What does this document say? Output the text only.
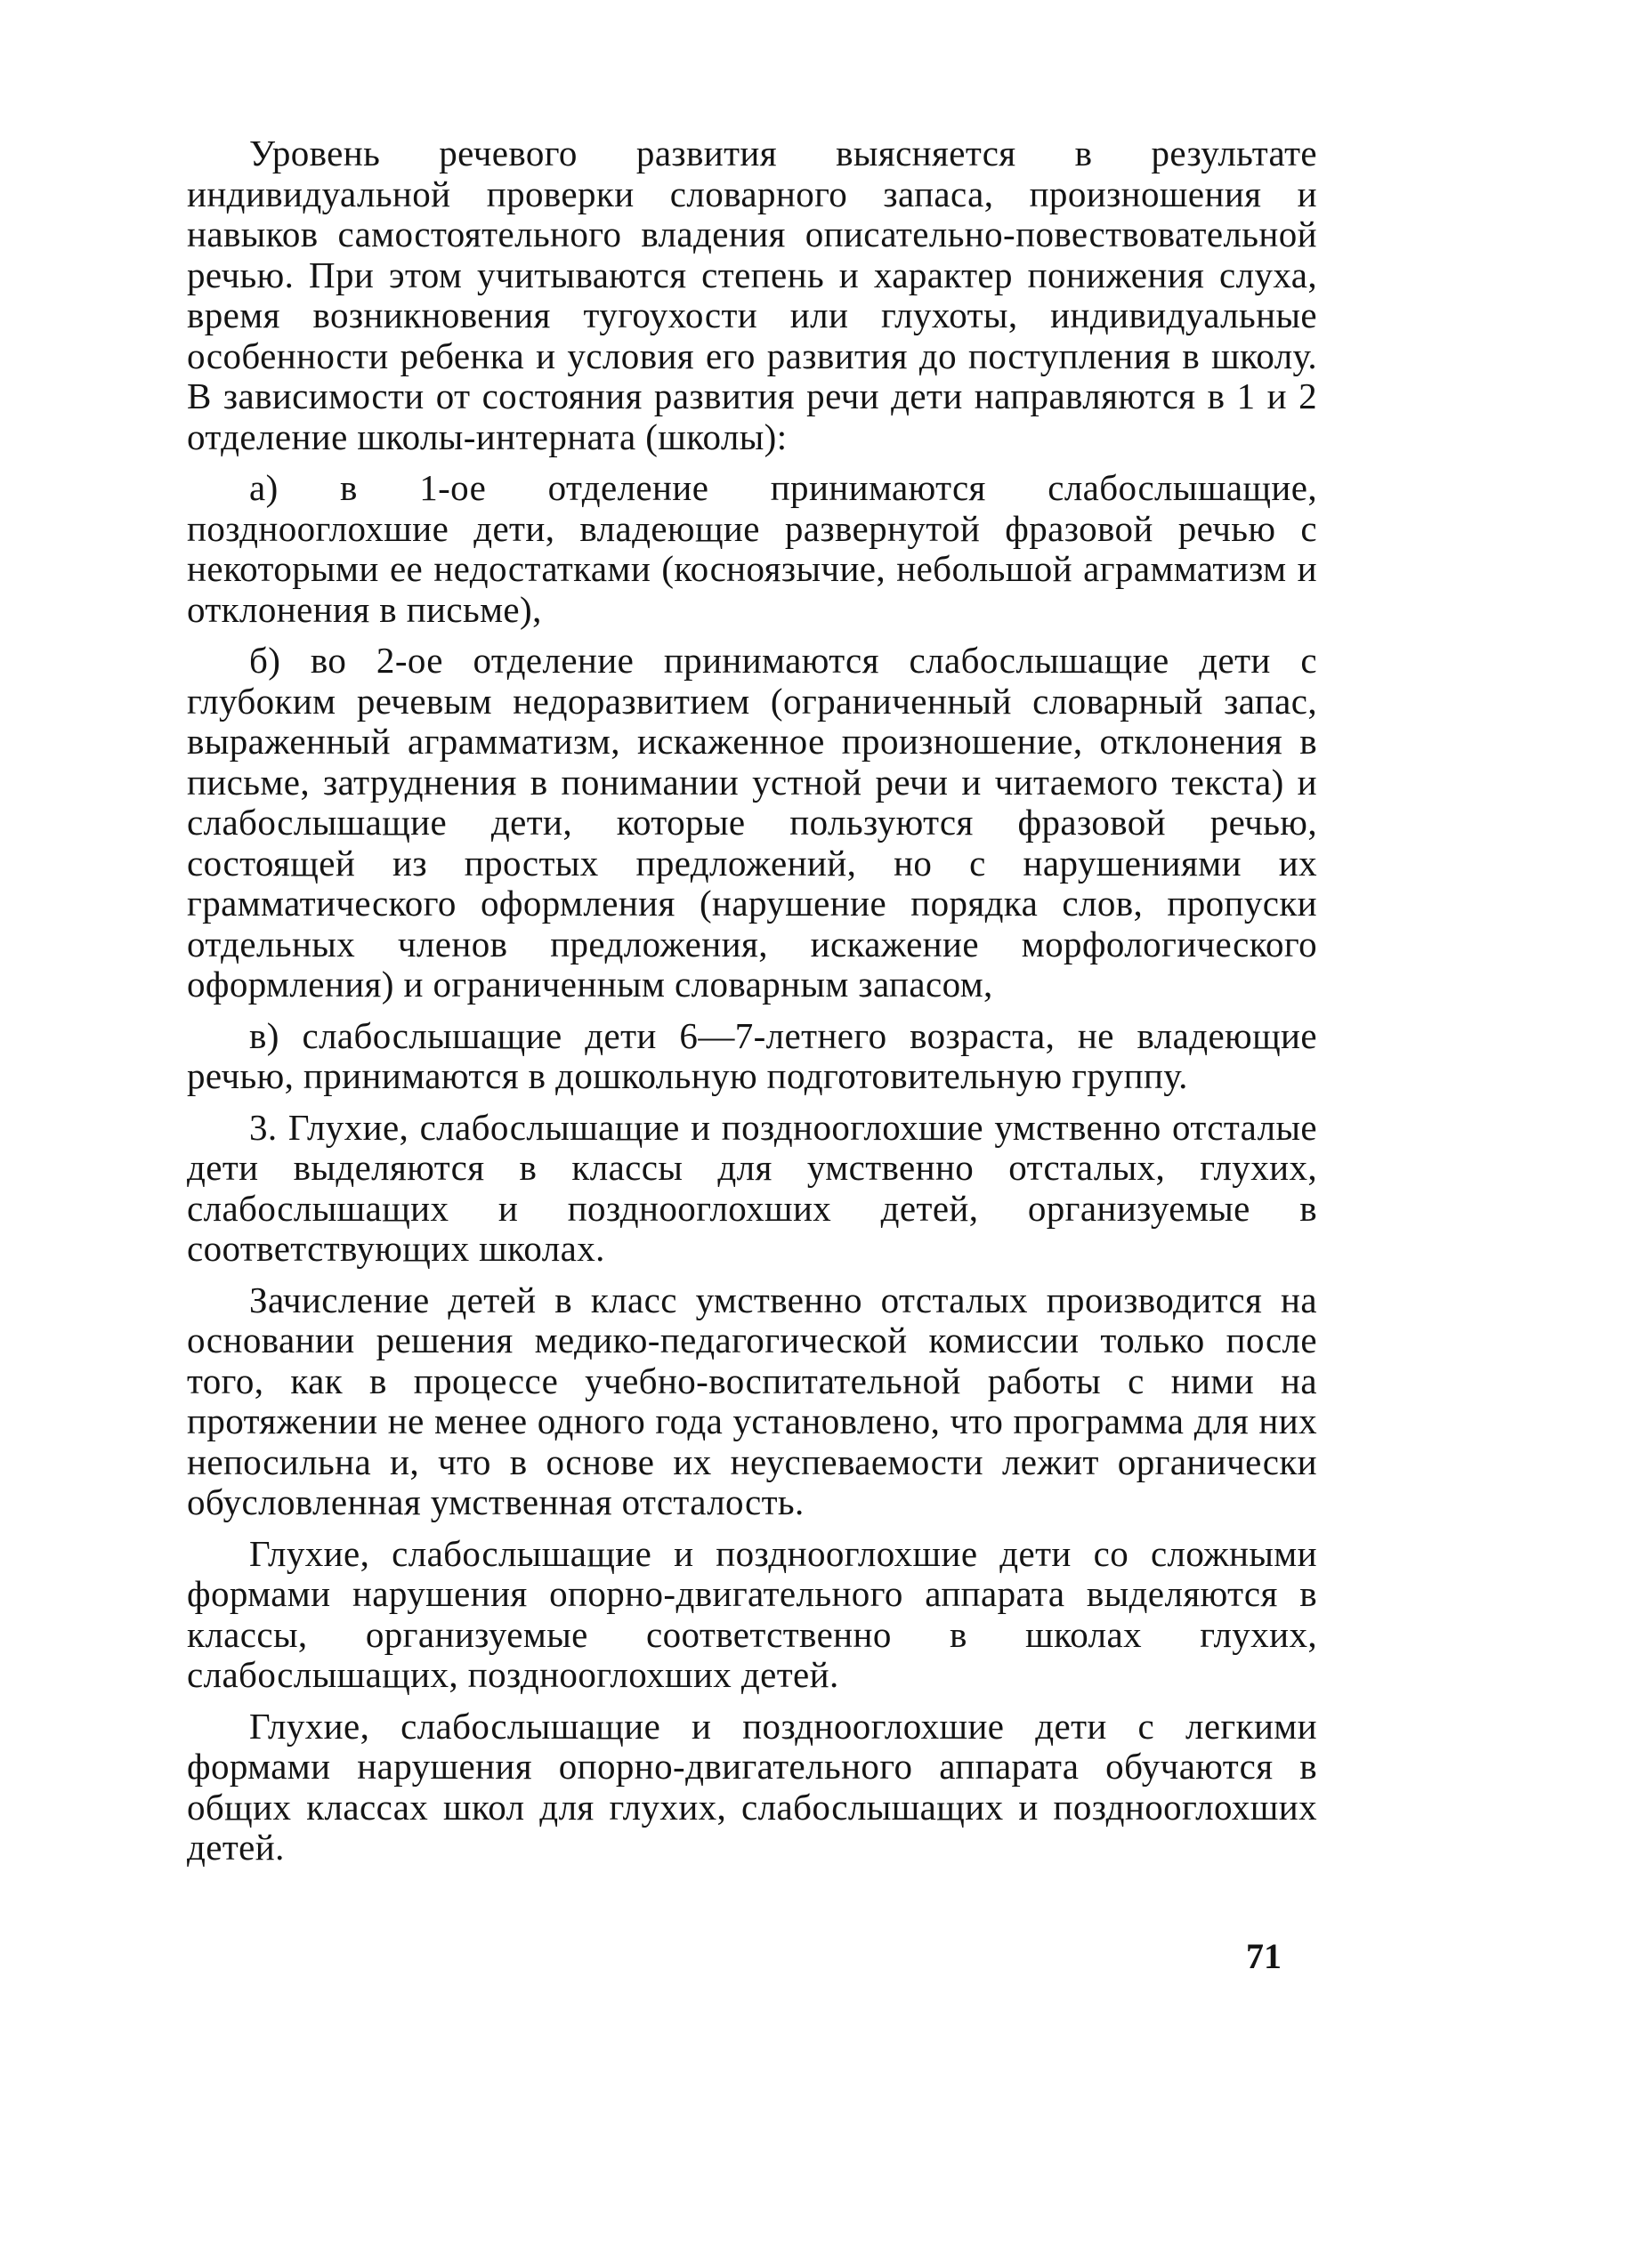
Уровень речевого развития выясняется в результате индивидуальной проверки словарного запаса, произношения и навыков самостоятельного владения описательно-повествовательной речью. При этом учитываются степень и характер понижения слуха, время возникновения тугоухости или глухоты, индивидуальные особенности ребенка и условия его развития до поступления в школу. В зависимости от состояния развития речи дети направляются в 1 и 2 отделение школы-интерната (школы):

а) в 1-ое отделение принимаются слабослышащие, позднооглохшие дети, владеющие развернутой фразовой речью с некоторыми ее недостатками (косноязычие, небольшой аграмматизм и отклонения в письме),

б) во 2-ое отделение принимаются слабослышащие дети с глубоким речевым недоразвитием (ограниченный словарный запас, выраженный аграмматизм, искаженное произношение, отклонения в письме, затруднения в понимании устной речи и читаемого текста) и слабослышащие дети, которые пользуются фразовой речью, состоящей из простых предложений, но с нарушениями их грамматического оформления (нарушение порядка слов, пропуски отдельных членов предложения, искажение морфологического оформления) и ограниченным словарным запасом,

в) слабослышащие дети 6—7-летнего возраста, не владеющие речью, принимаются в дошкольную подготовительную группу.

3. Глухие, слабослышащие и позднооглохшие умственно отсталые дети выделяются в классы для умственно отсталых, глухих, слабослышащих и позднооглохших детей, организуемые в соответствующих школах.

Зачисление детей в класс умственно отсталых производится на основании решения медико-педагогической комиссии только после того, как в процессе учебно-воспитательной работы с ними на протяжении не менее одного года установлено, что программа для них непосильна и, что в основе их неуспеваемости лежит органически обусловленная умственная отсталость.

Глухие, слабослышащие и позднооглохшие дети со сложными формами нарушения опорно-двигательного аппарата выделяются в классы, организуемые соответственно в школах глухих, слабослышащих, позднооглохших детей.

Глухие, слабослышащие и позднооглохшие дети с легкими формами нарушения опорно-двигательного аппарата обучаются в общих классах школ для глухих, слабослышащих и позднооглохших детей.

71
